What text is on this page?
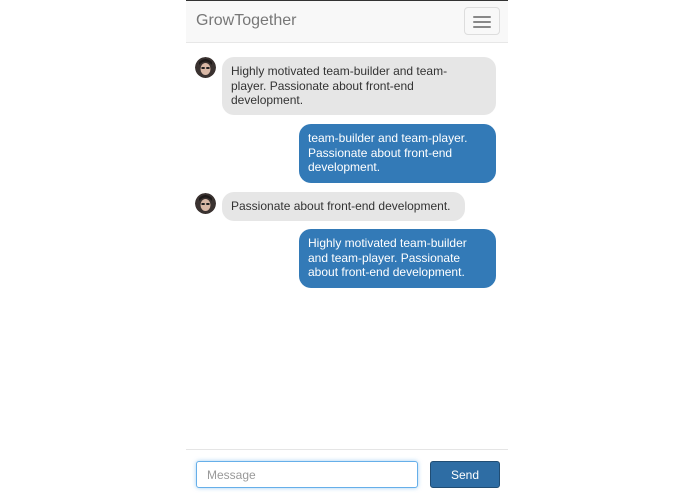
GrowTogether
Highly motivated team-builder and team-
player. Passionate about front-end
development.
team-builder and team-player.
Passionate about front-end
development.
Passionate about front-end development.
Highly motivated team-builder
and team-player. Passionate
about front-end development.
Message
Send
